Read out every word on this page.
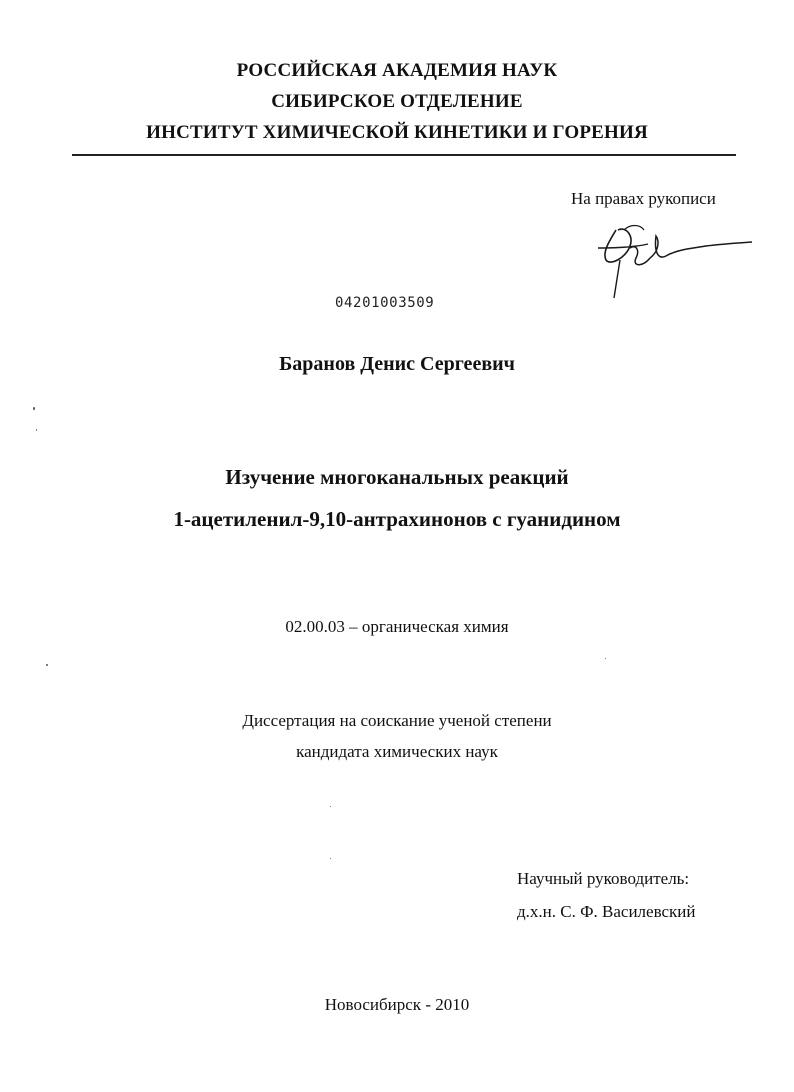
РОССИЙСКАЯ АКАДЕМИЯ НАУК
СИБИРСКОЕ ОТДЕЛЕНИЕ
ИНСТИТУТ ХИМИЧЕСКОЙ КИНЕТИКИ И ГОРЕНИЯ
На правах рукописи
04201003509
Баранов Денис Сергеевич
Изучение многоканальных реакций
1-ацетиленил-9,10-антрахинонов с гуанидином
02.00.03 – органическая химия
Диссертация на соискание ученой степени
кандидата химических наук
Научный руководитель:
д.х.н. С. Ф. Василевский
Новосибирск - 2010
